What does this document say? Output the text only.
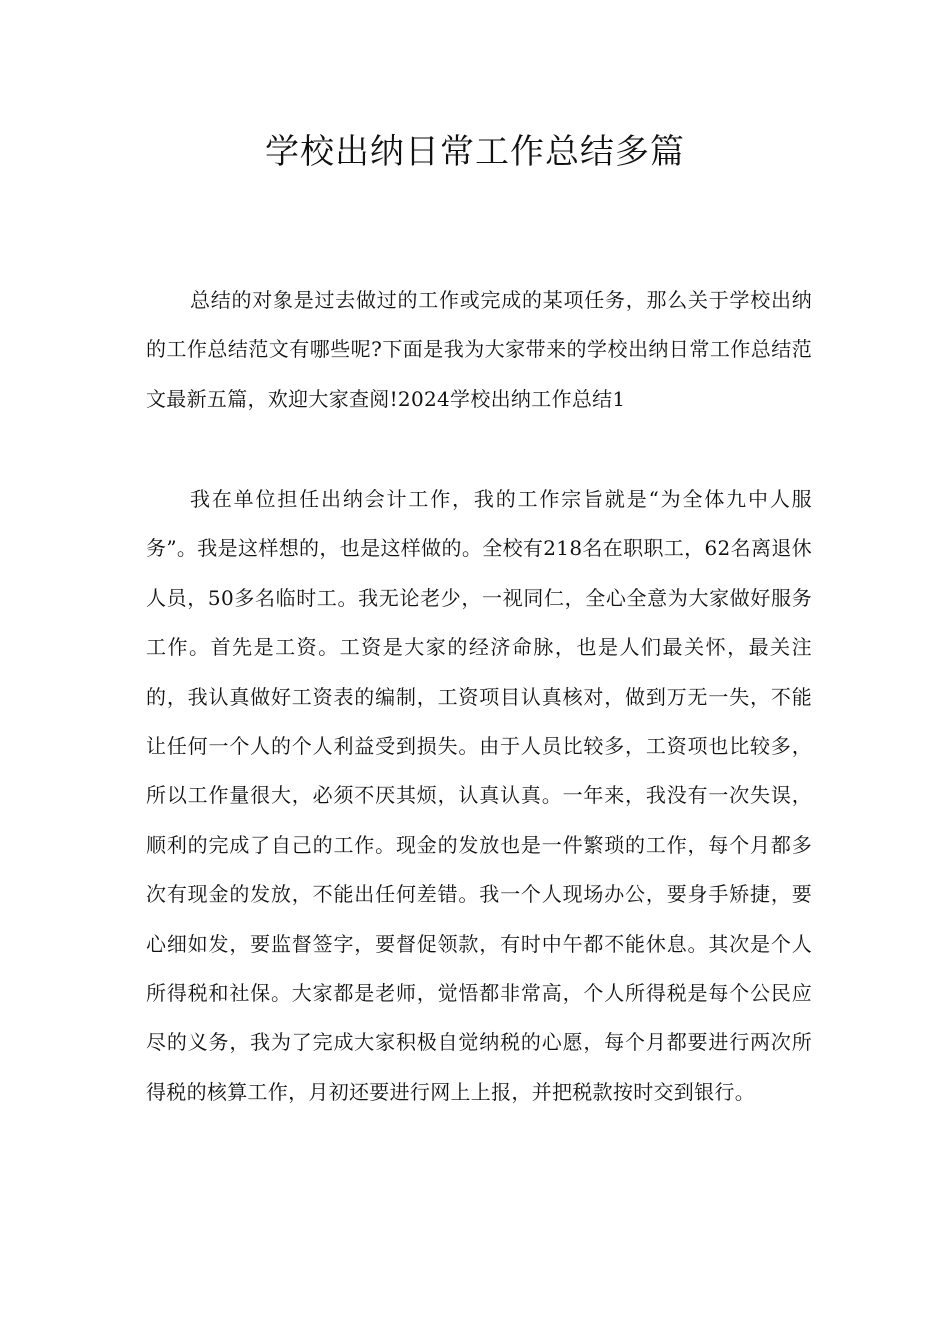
学校出纳日常工作总结多篇

总结的对象是过去做过的工作或完成的某项任务，那么关于学校出纳的工作总结范文有哪些呢?下面是我为大家带来的学校出纳日常工作总结范文最新五篇，欢迎大家查阅!2024学校出纳工作总结1

我在单位担任出纳会计工作，我的工作宗旨就是“为全体九中人服务”。我是这样想的，也是这样做的。全校有218名在职职工，62名离退休人员，50多名临时工。我无论老少，一视同仁，全心全意为大家做好服务工作。首先是工资。工资是大家的经济命脉，也是人们最关怀，最关注的，我认真做好工资表的编制，工资项目认真核对，做到万无一失，不能让任何一个人的个人利益受到损失。由于人员比较多，工资项也比较多，所以工作量很大，必须不厌其烦，认真认真。一年来，我没有一次失误，顺利的完成了自己的工作。现金的发放也是一件繁琐的工作，每个月都多次有现金的发放，不能出任何差错。我一个人现场办公，要身手矫捷，要心细如发，要监督签字，要督促领款，有时中午都不能休息。其次是个人所得税和社保。大家都是老师，觉悟都非常高，个人所得税是每个公民应尽的义务，我为了完成大家积极自觉纳税的心愿，每个月都要进行两次所得税的核算工作，月初还要进行网上上报，并把税款按时交到银行。
